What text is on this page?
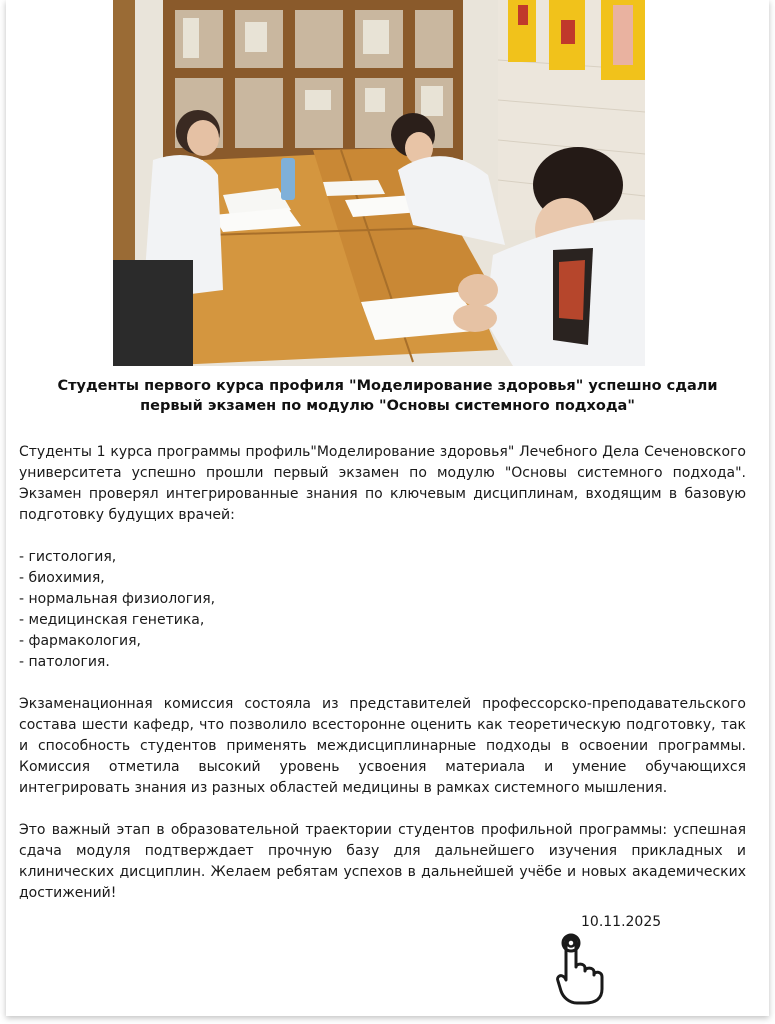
Студенты первого курса профиля "Моделирование здоровья" успешно сдали первый экзамен по модулю "Основы системного подхода"

Студенты 1 курса программы профиль"Моделирование здоровья" Лечебного Дела Сеченовского университета успешно прошли первый экзамен по модулю "Основы системного подхода". Экзамен проверял интегрированные знания по ключевым дисциплинам, входящим в базовую подготовку будущих врачей:

- гистология,
- биохимия,
- нормальная физиология,
- медицинская генетика,
- фармакология,
- патология.

Экзаменационная комиссия состояла из представителей профессорско-преподавательского состава шести кафедр, что позволило всесторонне оценить как теоретическую подготовку, так и способность студентов применять междисциплинарные подходы в освоении программы. Комиссия отметила высокий уровень усвоения материала и умение обучающихся интегрировать знания из разных областей медицины в рамках системного мышления.

Это важный этап в образовательной траектории студентов профильной программы: успешная сдача модуля подтверждает прочную базу для дальнейшего изучения прикладных и клинических дисциплин. Желаем ребятам успехов в дальнейшей учёбе и новых академических достижений!

10.11.2025
